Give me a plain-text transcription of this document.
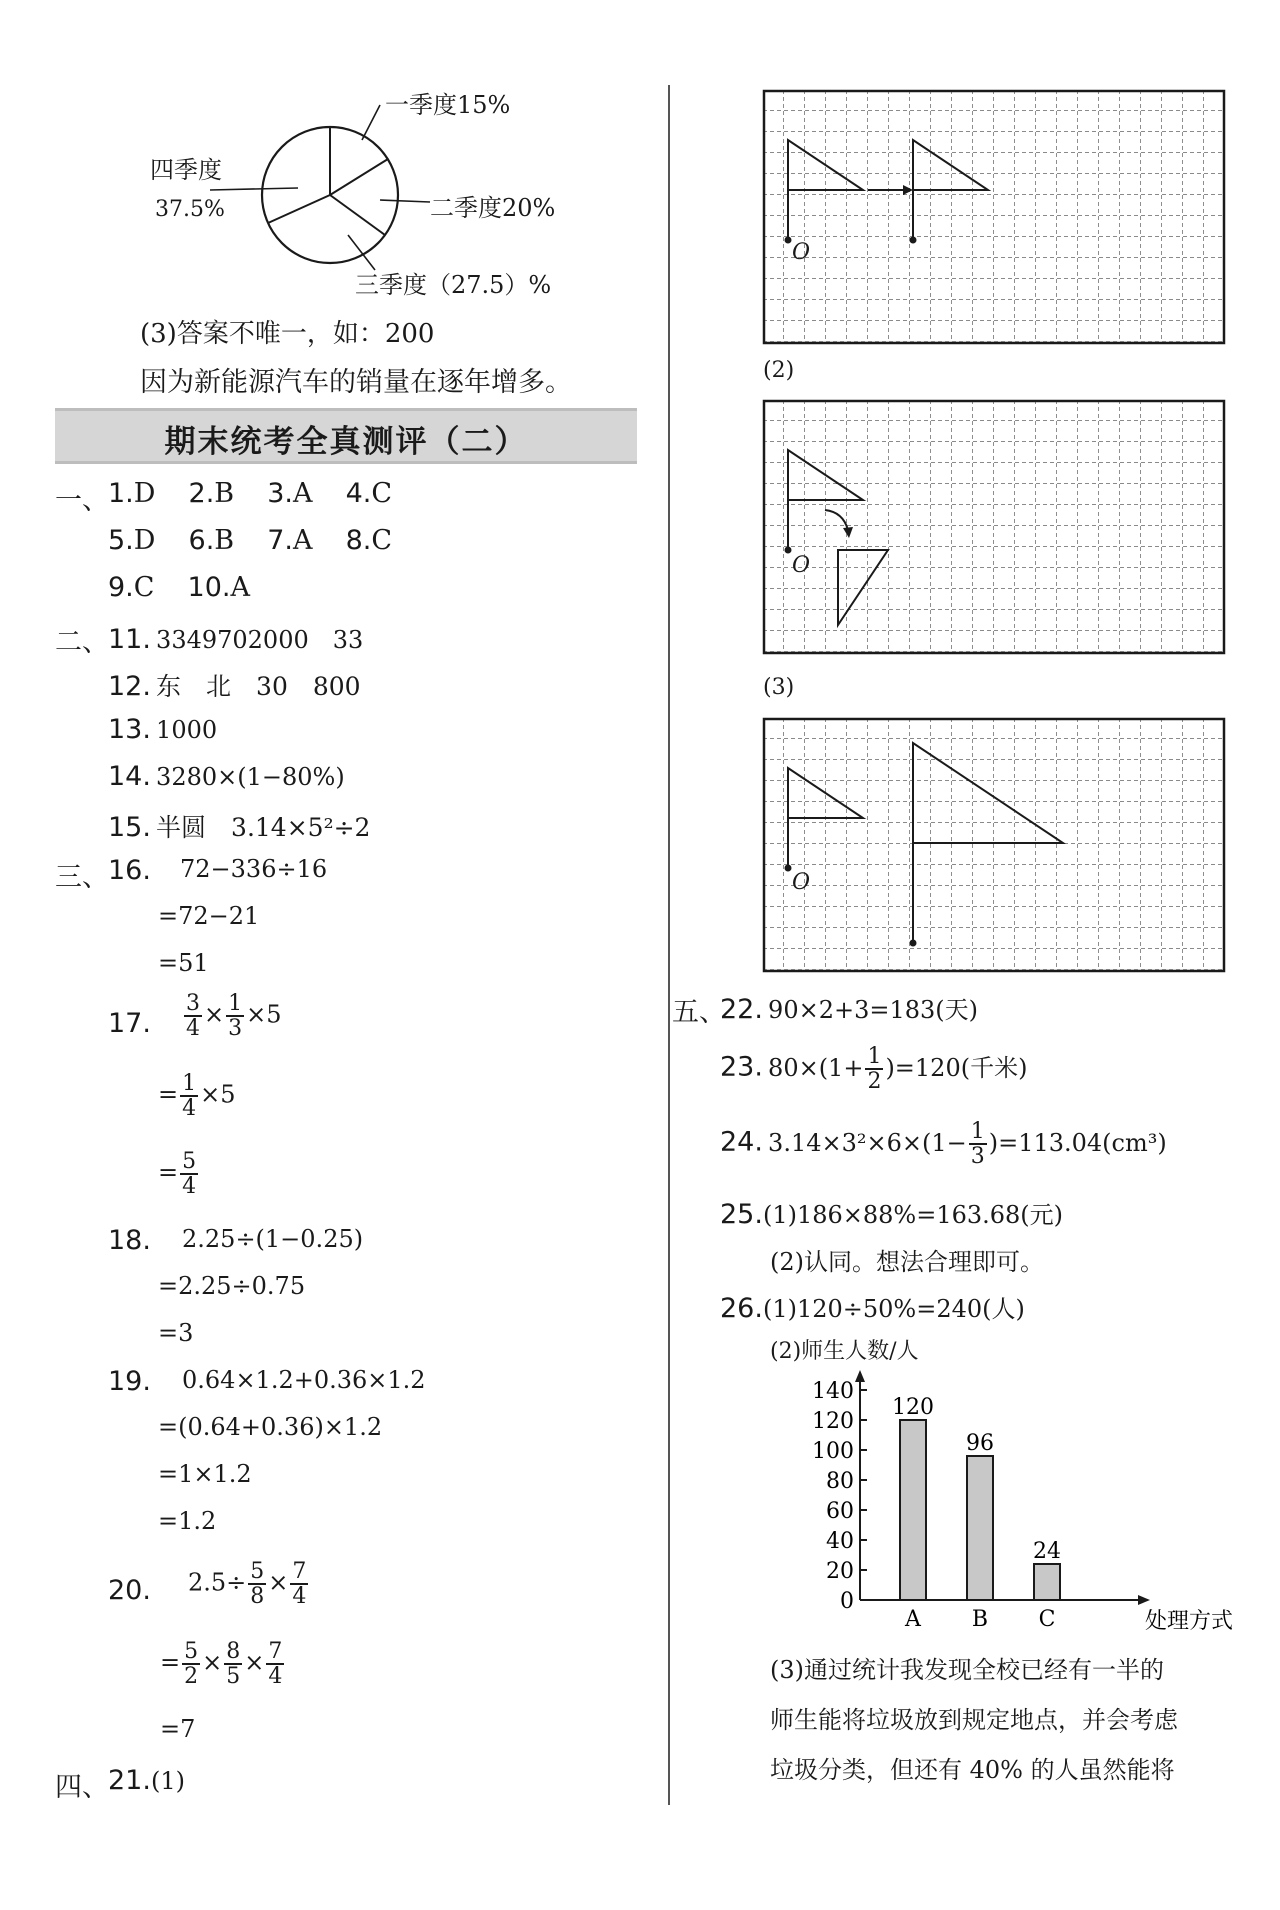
一季度15%
二季度20%
三季度（27.5）%
四季度
37.5%
(3)答案不唯一，如：200
因为新能源汽车的销量在逐年增多。
期末统考全真测评（二）
一、 1.D 2.B 3.A 4.C
5.D 6.B 7.A 8.C
9.C 10.A
二、 11. 3349702000　33
12. 东　北　30　800
13. 1000
14. 3280×(1−80%)
15. 半圆　3.14×5²÷2
三、 16. 72−336÷16
=72−21
=51
17. $\frac{3}{4} \times \frac{1}{3} \times 5$
= $\frac{1}{4} \times 5$
= $\frac{5}{4}$
18. 2.25÷(1−0.25)
=2.25÷0.75
=3
19. 0.64×1.2+0.36×1.2
=(0.64+0.36)×1.2
=1×1.2
=1.2
20. $2.5\div \frac{5}{8} \times \frac{7}{4}$
= $\frac{5}{2} \times \frac{8}{5} \times \frac{7}{4}$
=7
四、 21.(1)
O
(2)
O
(3)
O
五、
22. 90×2+3=183(天)
23. $80\times(1+ \frac{1}{2} )=120$(千米)
24. $3.14\times 3^2\times 6\times(1- \frac{1}{3} )=113.04(cm^3)$
25.(1)186×88%=163.68(元)
(2)认同。想法合理即可。
26.(1)120÷50%=240(人)
(2)师生人数/人
0
20
40
60
80
100
120
140
120
A
96
B
24
C	处理方式
(3)通过统计我发现全校已经有一半的
师生能将垃圾放到规定地点，并会考虑
垃圾分类，但还有 40% 的人虽然能将
